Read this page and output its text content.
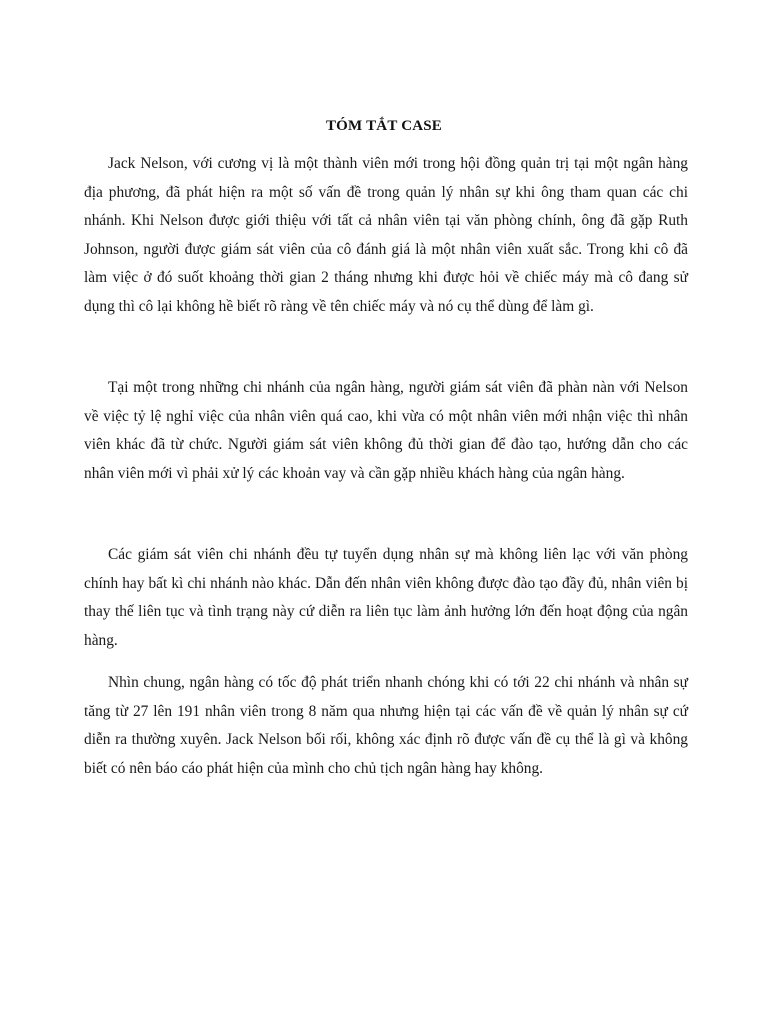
TÓM TẮT CASE

Jack Nelson, với cương vị là một thành viên mới trong hội đồng quản trị tại một ngân hàng địa phương, đã phát hiện ra một số vấn đề trong quản lý nhân sự khi ông tham quan các chi nhánh. Khi Nelson được giới thiệu với tất cả nhân viên tại văn phòng chính, ông đã gặp Ruth Johnson, người được giám sát viên của cô đánh giá là một nhân viên xuất sắc. Trong khi cô đã làm việc ở đó suốt khoảng thời gian 2 tháng nhưng khi được hỏi về chiếc máy mà cô đang sử dụng thì cô lại không hề biết rõ ràng về tên chiếc máy và nó cụ thể dùng để làm gì.

Tại một trong những chi nhánh của ngân hàng, người giám sát viên đã phàn nàn với Nelson về việc tỷ lệ nghỉ việc của nhân viên quá cao, khi vừa có một nhân viên mới nhận việc thì nhân viên khác đã từ chức. Người giám sát viên không đủ thời gian để đào tạo, hướng dẫn cho các nhân viên mới vì phải xử lý các khoản vay và cần gặp nhiều khách hàng của ngân hàng.

Các giám sát viên chi nhánh đều tự tuyển dụng nhân sự mà không liên lạc với văn phòng chính hay bất kì chi nhánh nào khác. Dẫn đến nhân viên không được đào tạo đầy đủ, nhân viên bị thay thế liên tục và tình trạng này cứ diễn ra liên tục làm ảnh hưởng lớn đến hoạt động của ngân hàng.

Nhìn chung, ngân hàng có tốc độ phát triển nhanh chóng khi có tới 22 chi nhánh và nhân sự tăng từ 27 lên 191 nhân viên trong 8 năm qua nhưng hiện tại các vấn đề về quản lý nhân sự cứ diễn ra thường xuyên. Jack Nelson bối rối, không xác định rõ được vấn đề cụ thể là gì và không biết có nên báo cáo phát hiện của mình cho chủ tịch ngân hàng hay không.
